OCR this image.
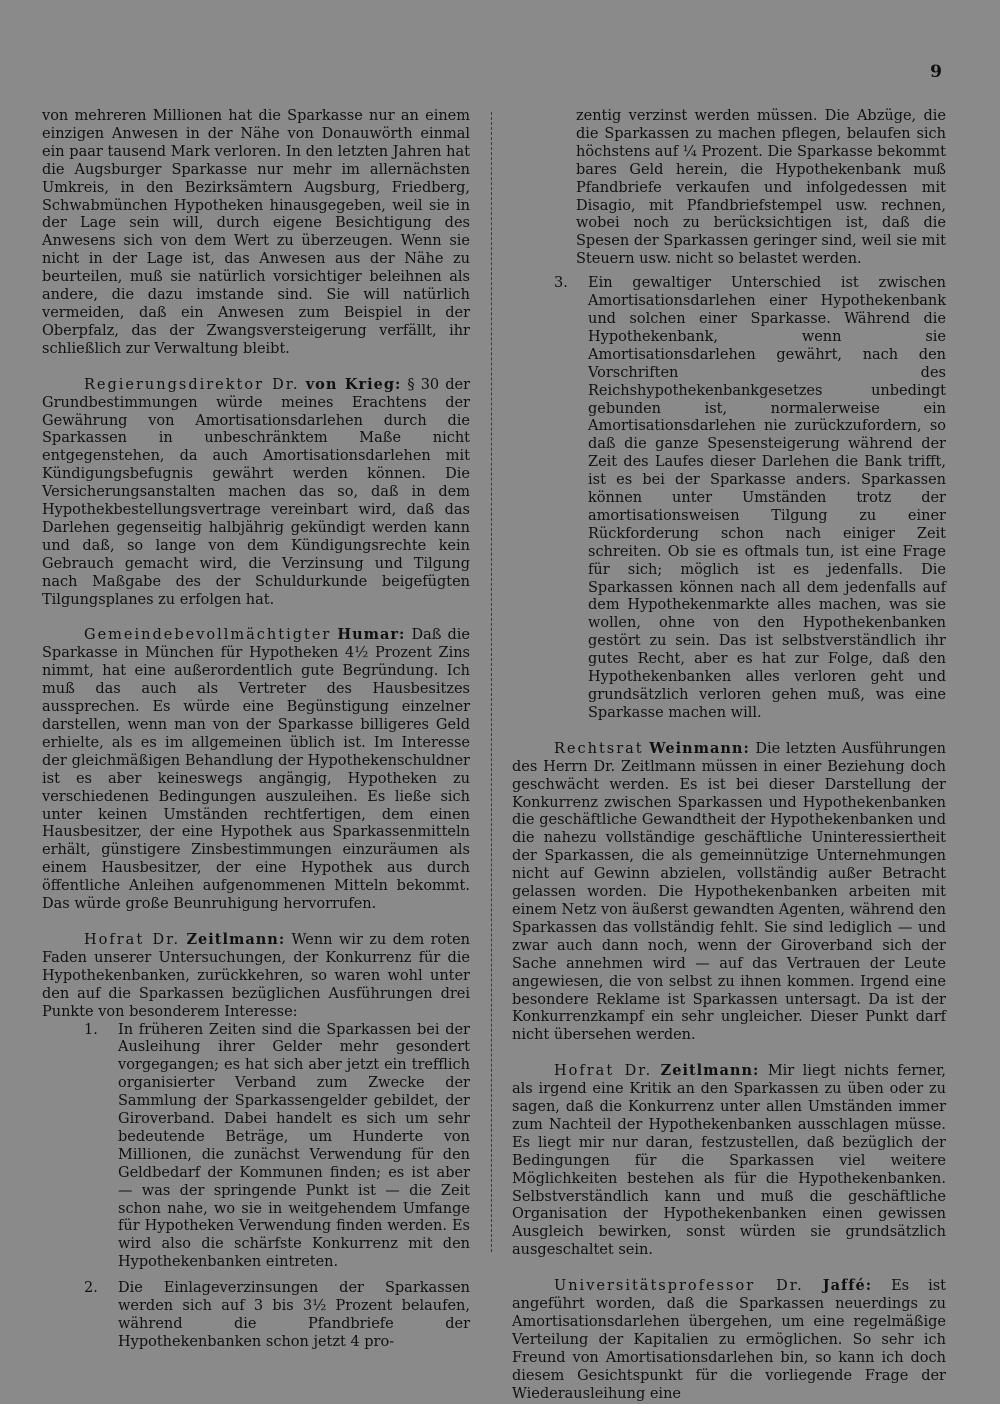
9

von mehreren Millionen hat die Sparkasse nur an einem einzigen Anwesen in der Nähe von Donauwörth einmal ein paar tausend Mark verloren. In den letzten Jahren hat die Augsburger Sparkasse nur mehr im allernächsten Umkreis, in den Bezirksämtern Augsburg, Friedberg, Schwabmünchen Hypotheken hinausgegeben, weil sie in der Lage sein will, durch eigene Besichtigung des Anwesens sich von dem Wert zu überzeugen. Wenn sie nicht in der Lage ist, das Anwesen aus der Nähe zu beurteilen, muß sie natürlich vorsichtiger beleihnen als andere, die dazu imstande sind. Sie will natürlich vermeiden, daß ein Anwesen zum Beispiel in der Oberpfalz, das der Zwangsversteigerung verfällt, ihr schließlich zur Verwaltung bleibt.

Regierungsdirektor Dr. von Krieg: § 30 der Grundbestimmungen würde meines Erachtens der Gewährung von Amortisationsdarlehen durch die Sparkassen in unbeschränktem Maße nicht entgegenstehen, da auch Amortisationsdarlehen mit Kündigungsbefugnis gewährt werden können. Die Versicherungsanstalten machen das so, daß in dem Hypothekbestellungsvertrage vereinbart wird, daß das Darlehen gegenseitig halbjährig gekündigt werden kann und daß, so lange von dem Kündigungsrechte kein Gebrauch gemacht wird, die Verzinsung und Tilgung nach Maßgabe des der Schuldurkunde beigefügten Tilgungsplanes zu erfolgen hat.

Gemeindebevollmächtigter Humar: Daß die Sparkasse in München für Hypotheken 4½ Prozent Zins nimmt, hat eine außerordentlich gute Begründung. Ich muß das auch als Vertreter des Hausbesitzes aussprechen. Es würde eine Begünstigung einzelner darstellen, wenn man von der Sparkasse billigeres Geld erhielte, als es im allgemeinen üblich ist. Im Interesse der gleichmäßigen Behandlung der Hypothekenschuldner ist es aber keineswegs angängig, Hypotheken zu verschiedenen Bedingungen auszuleihen. Es ließe sich unter keinen Umständen rechtfertigen, dem einen Hausbesitzer, der eine Hypothek aus Sparkassenmitteln erhält, günstigere Zinsbestimmungen einzuräumen als einem Hausbesitzer, der eine Hypothek aus durch öffentliche Anleihen aufgenommenen Mitteln bekommt. Das würde große Beunruhigung hervorrufen.

Hofrat Dr. Zeitlmann: Wenn wir zu dem roten Faden unserer Untersuchungen, der Konkurrenz für die Hypothekenbanken, zurückkehren, so waren wohl unter den auf die Sparkassen bezüglichen Ausführungen drei Punkte von besonderem Interesse:

1. In früheren Zeiten sind die Sparkassen bei der Ausleihung ihrer Gelder mehr gesondert vorgegangen; es hat sich aber jetzt ein trefflich organisierter Verband zum Zwecke der Sammlung der Sparkassengelder gebildet, der Giroverband. Dabei handelt es sich um sehr bedeutende Beträge, um Hunderte von Millionen, die zunächst Verwendung für den Geldbedarf der Kommunen finden; es ist aber — was der springende Punkt ist — die Zeit schon nahe, wo sie in weitgehendem Umfange für Hypotheken Verwendung finden werden. Es wird also die schärfste Konkurrenz mit den Hypothekenbanken eintreten.
2. Die Einlageverzinsungen der Sparkassen werden sich auf 3 bis 3½ Prozent belaufen, während die Pfandbriefe der Hypothekenbanken schon jetzt 4 pro-

zentig verzinst werden müssen. Die Abzüge, die die Sparkassen zu machen pflegen, belaufen sich höchstens auf ¼ Prozent. Die Sparkasse bekommt bares Geld herein, die Hypothekenbank muß Pfandbriefe verkaufen und infolgedessen mit Disagio, mit Pfandbriefstempel usw. rechnen, wobei noch zu berücksichtigen ist, daß die Spesen der Sparkassen geringer sind, weil sie mit Steuern usw. nicht so belastet werden.

3. Ein gewaltiger Unterschied ist zwischen Amortisationsdarlehen einer Hypothekenbank und solchen einer Sparkasse. Während die Hypothekenbank, wenn sie Amortisationsdarlehen gewährt, nach den Vorschriften des Reichshypothekenbankgesetzes unbedingt gebunden ist, normalerweise ein Amortisationsdarlehen nie zurückzufordern, so daß die ganze Spesensteigerung während der Zeit des Laufes dieser Darlehen die Bank trifft, ist es bei der Sparkasse anders. Sparkassen können unter Umständen trotz der amortisationsweisen Tilgung zu einer Rückforderung schon nach einiger Zeit schreiten. Ob sie es oftmals tun, ist eine Frage für sich; möglich ist es jedenfalls. Die Sparkassen können nach all dem jedenfalls auf dem Hypothekenmarkte alles machen, was sie wollen, ohne von den Hypothekenbanken gestört zu sein. Das ist selbstverständlich ihr gutes Recht, aber es hat zur Folge, daß den Hypothekenbanken alles verloren geht und grundsätzlich verloren gehen muß, was eine Sparkasse machen will.

Rechtsrat Weinmann: Die letzten Ausführungen des Herrn Dr. Zeitlmann müssen in einer Beziehung doch geschwächt werden. Es ist bei dieser Darstellung der Konkurrenz zwischen Sparkassen und Hypothekenbanken die geschäftliche Gewandtheit der Hypothekenbanken und die nahezu vollständige geschäftliche Uninteressiertheit der Sparkassen, die als gemeinnützige Unternehmungen nicht auf Gewinn abzielen, vollständig außer Betracht gelassen worden. Die Hypothekenbanken arbeiten mit einem Netz von äußerst gewandten Agenten, während den Sparkassen das vollständig fehlt. Sie sind lediglich — und zwar auch dann noch, wenn der Giroverband sich der Sache annehmen wird — auf das Vertrauen der Leute angewiesen, die von selbst zu ihnen kommen. Irgend eine besondere Reklame ist Sparkassen untersagt. Da ist der Konkurrenzkampf ein sehr ungleicher. Dieser Punkt darf nicht übersehen werden.

Hofrat Dr. Zeitlmann: Mir liegt nichts ferner, als irgend eine Kritik an den Sparkassen zu üben oder zu sagen, daß die Konkurrenz unter allen Umständen immer zum Nachteil der Hypothekenbanken ausschlagen müsse. Es liegt mir nur daran, festzustellen, daß bezüglich der Bedingungen für die Sparkassen viel weitere Möglichkeiten bestehen als für die Hypothekenbanken. Selbstverständlich kann und muß die geschäftliche Organisation der Hypothekenbanken einen gewissen Ausgleich bewirken, sonst würden sie grundsätzlich ausgeschaltet sein.

Universitätsprofessor Dr. Jaffé: Es ist angeführt worden, daß die Sparkassen neuerdings zu Amortisationsdarlehen übergehen, um eine regelmäßige Verteilung der Kapitalien zu ermöglichen. So sehr ich Freund von Amortisationsdarlehen bin, so kann ich doch diesem Gesichtspunkt für die vorliegende Frage der Wiederausleihung eine
